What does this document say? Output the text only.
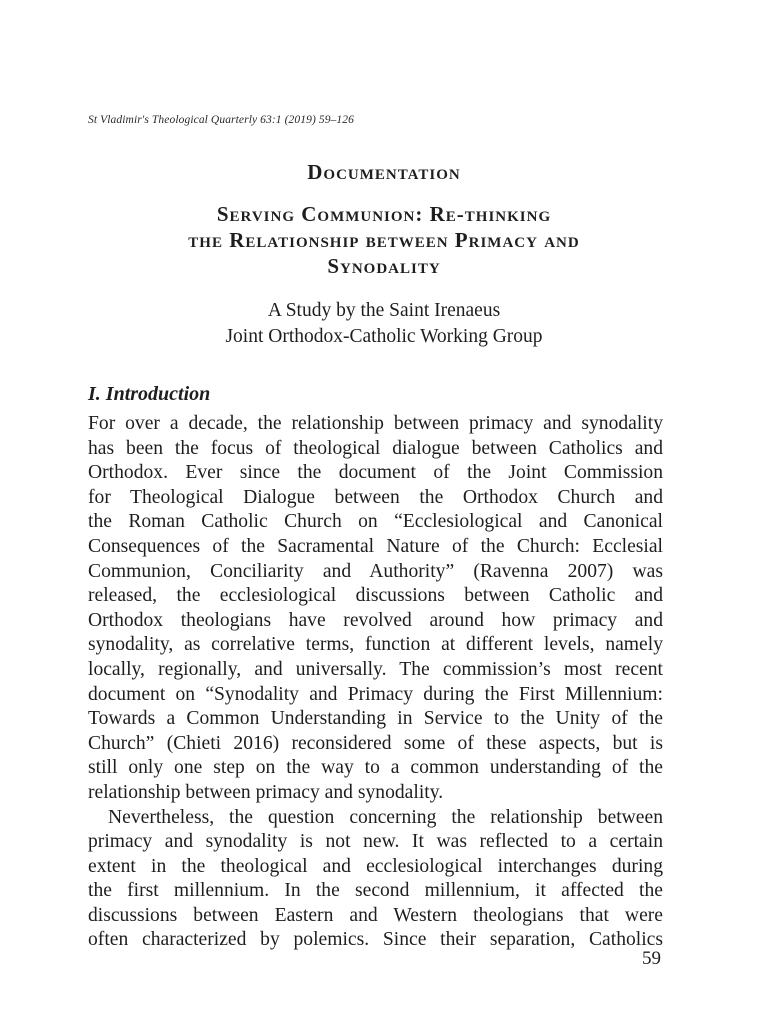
St Vladimir's Theological Quarterly 63:1 (2019) 59–126
Documentation
Serving Communion: Re-thinking
the Relationship between Primacy and
Synodality
A Study by the Saint Irenaeus
Joint Orthodox-Catholic Working Group
I. Introduction
For over a decade, the relationship between primacy and synodality
has been the focus of theological dialogue between Catholics and
Orthodox. Ever since the document of the Joint Commission
for Theological Dialogue between the Orthodox Church and
the Roman Catholic Church on “Ecclesiological and Canonical
Consequences of the Sacramental Nature of the Church: Ecclesial
Communion, Conciliarity and Authority” (Ravenna 2007) was
released, the ecclesiological discussions between Catholic and
Orthodox theologians have revolved around how primacy and
synodality, as correlative terms, function at different levels, namely
locally, regionally, and universally. The commission’s most recent
document on “Synodality and Primacy during the First Millennium:
Towards a Common Understanding in Service to the Unity of the
Church” (Chieti 2016) reconsidered some of these aspects, but is
still only one step on the way to a common understanding of the
relationship between primacy and synodality.
Nevertheless, the question concerning the relationship between
primacy and synodality is not new. It was reflected to a certain
extent in the theological and ecclesiological interchanges during
the first millennium. In the second millennium, it affected the
discussions between Eastern and Western theologians that were
often characterized by polemics. Since their separation, Catholics
59
